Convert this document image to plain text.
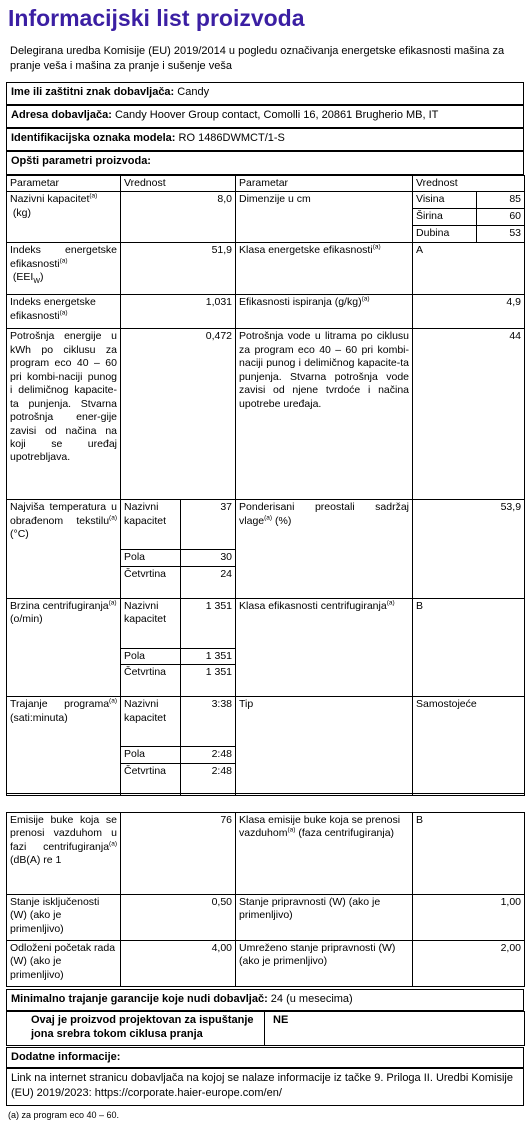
Informacijski list proizvoda
Delegirana uredba Komisije (EU) 2019/2014 u pogledu označivanja energetske efikasnosti mašina za pranje veša i mašina za pranje i sušenje veša
Ime ili zaštitni znak dobavljača: Candy
Adresa dobavljača: Candy Hoover Group contact, Comolli 16, 20861 Brugherio MB, IT
Identifikacijska oznaka modela: RO 1486DWMCT/1-S
Opšti parametri proizvoda:
Parametar	Vrednost		Parametar	Vrednost	
Nazivni kapacitet$^{(a)}$
(kg)	8,0		Dimenzije u cm	Visina	85
				Širina	60
				Dubina	53
Indeks energetske efikasnosti$^{(a)}$
$(EEI_W)$	51,9		Klasa energetske efikasnosti$^{(a)}$	A	
Indeks energetske efikasnosti$^{(a)}$	1,031		Efikasnosti ispiranja $(g/kg)^{(a)}$	4,9	
Potrošnja energije u kWh po ciklusu za program eco 40 – 60 pri kombi-naciji punog i delimičnog kapacite-ta punjenja. Stvarna potrošnja ener-gije zavisi od načina na koji se uređaj upotrebljava.	0,472		Potrošnja vode u litrama po ciklusu za program eco 40 – 60 pri kombi-naciji punog i delimičnog kapacite-ta punjenja. Stvarna potrošnja vode zavisi od njene tvrdoće i načina upotrebe uređaja.	44	
Najviša temperatura u obrađenom tekstilu$^{(a)}$ (°C)	Nazivni kapacitet	37	Ponderisani preostali sadržaj vlage$^{(a)}$ (%)	53,9	
	Pola	30			
	Četvrtina	24			
Brzina centrifugiranja$^{(a)}$ (o/min)	Nazivni kapacitet	1 351	Klasa efikasnosti centrifugiranja$^{(a)}$	B	
	Pola	1 351			
	Četvrtina	1 351			
Trajanje programa$^{(a)}$ (sati:minuta)	Nazivni kapacitet	3:38	Tip	Samostojeće	
	Pola	2:48			
	Četvrtina	2:48			
Emisije buke koja se prenosi vazduhom u fazi centrifugiranja$^{(a)}$ (dB(A) re 1	76	Klasa emisije buke koja se prenosi vazduhom$^{(a)}$ (faza centrifugiranja)	B
Stanje isključenosti (W) (ako je primenljivo)	0,50	Stanje pripravnosti (W) (ako je primenljivo)	1,00
Odloženi početak rada (W) (ako je primenljivo)	4,00	Umreženo stanje pripravnosti (W) (ako je primenljivo)	2,00
Minimalno trajanje garancije koje nudi dobavljač: 24 (u mesecima)
Ovaj je proizvod projektovan za ispuštanje jona srebra tokom ciklusa pranja	NE
Dodatne informacije:
Link na internet stranicu dobavljača na kojoj se nalaze informacije iz tačke 9. Priloga II. Uredbi Komisije (EU) 2019/2023: https://corporate.haier-europe.com/en/
(a) za program eco 40 – 60.
